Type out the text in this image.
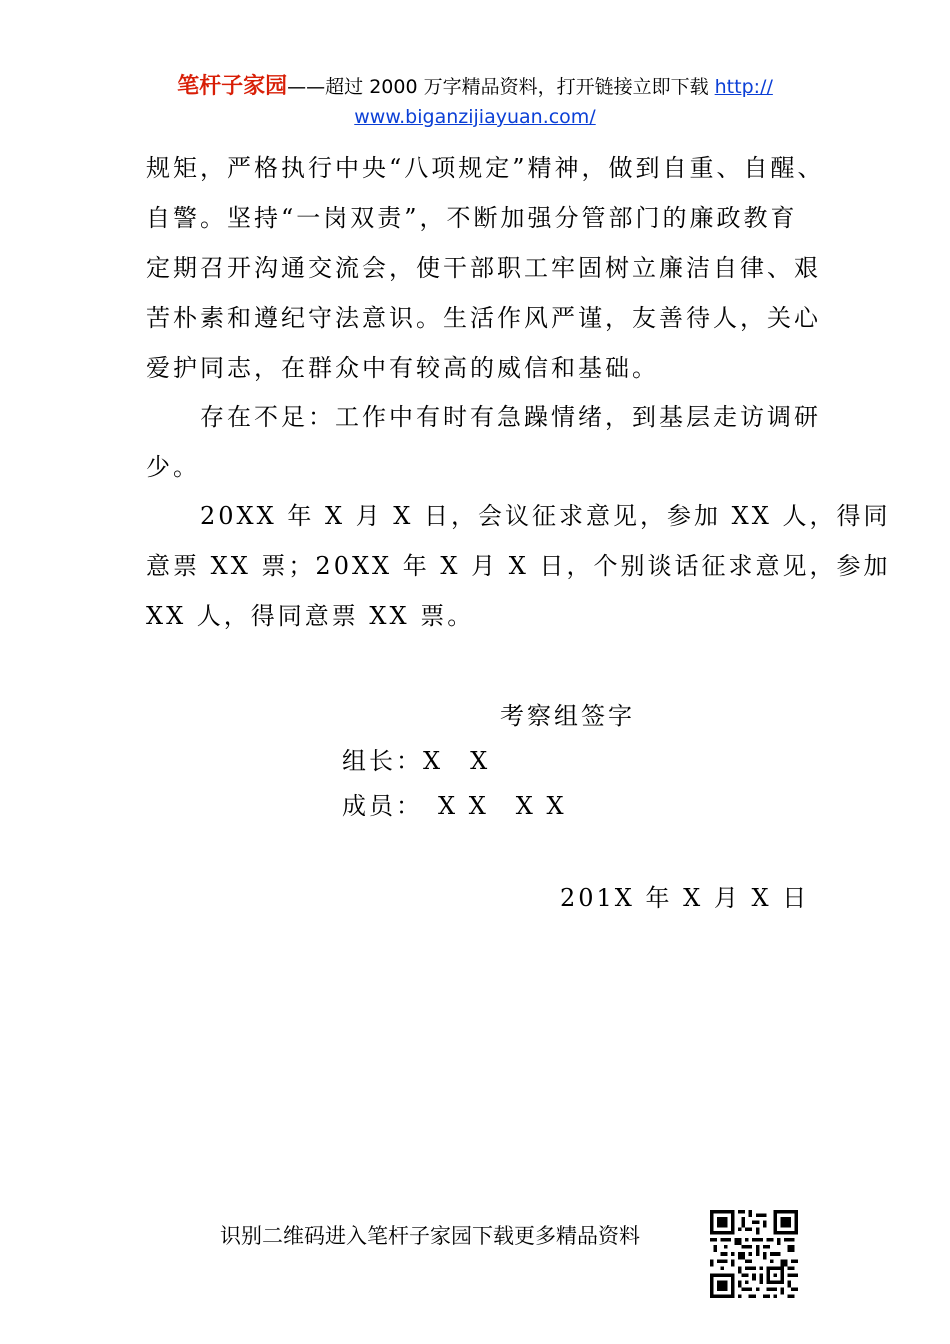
笔杆子家园——超过 2000 万字精品资料，打开链接立即下载 http://
www.biganzijiayuan.com/
规矩，严格执行中央“八项规定”精神，做到自重、自醒、
自警。坚持“一岗双责”，不断加强分管部门的廉政教育
定期召开沟通交流会，使干部职工牢固树立廉洁自律、艰
苦朴素和遵纪守法意识。生活作风严谨，友善待人，关心
爱护同志，在群众中有较高的威信和基础。
　　存在不足：工作中有时有急躁情绪，到基层走访调研
少。
　　20XX 年 X 月 X 日，会议征求意见，参加 XX 人，得同
意票 XX 票；20XX 年 X 月 X 日，个别谈话征求意见，参加
XX 人，得同意票 XX 票。
考察组签字
组长：X　X
成员：　X X　X X
201X 年 X 月 X 日
识别二维码进入笔杆子家园下载更多精品资料
